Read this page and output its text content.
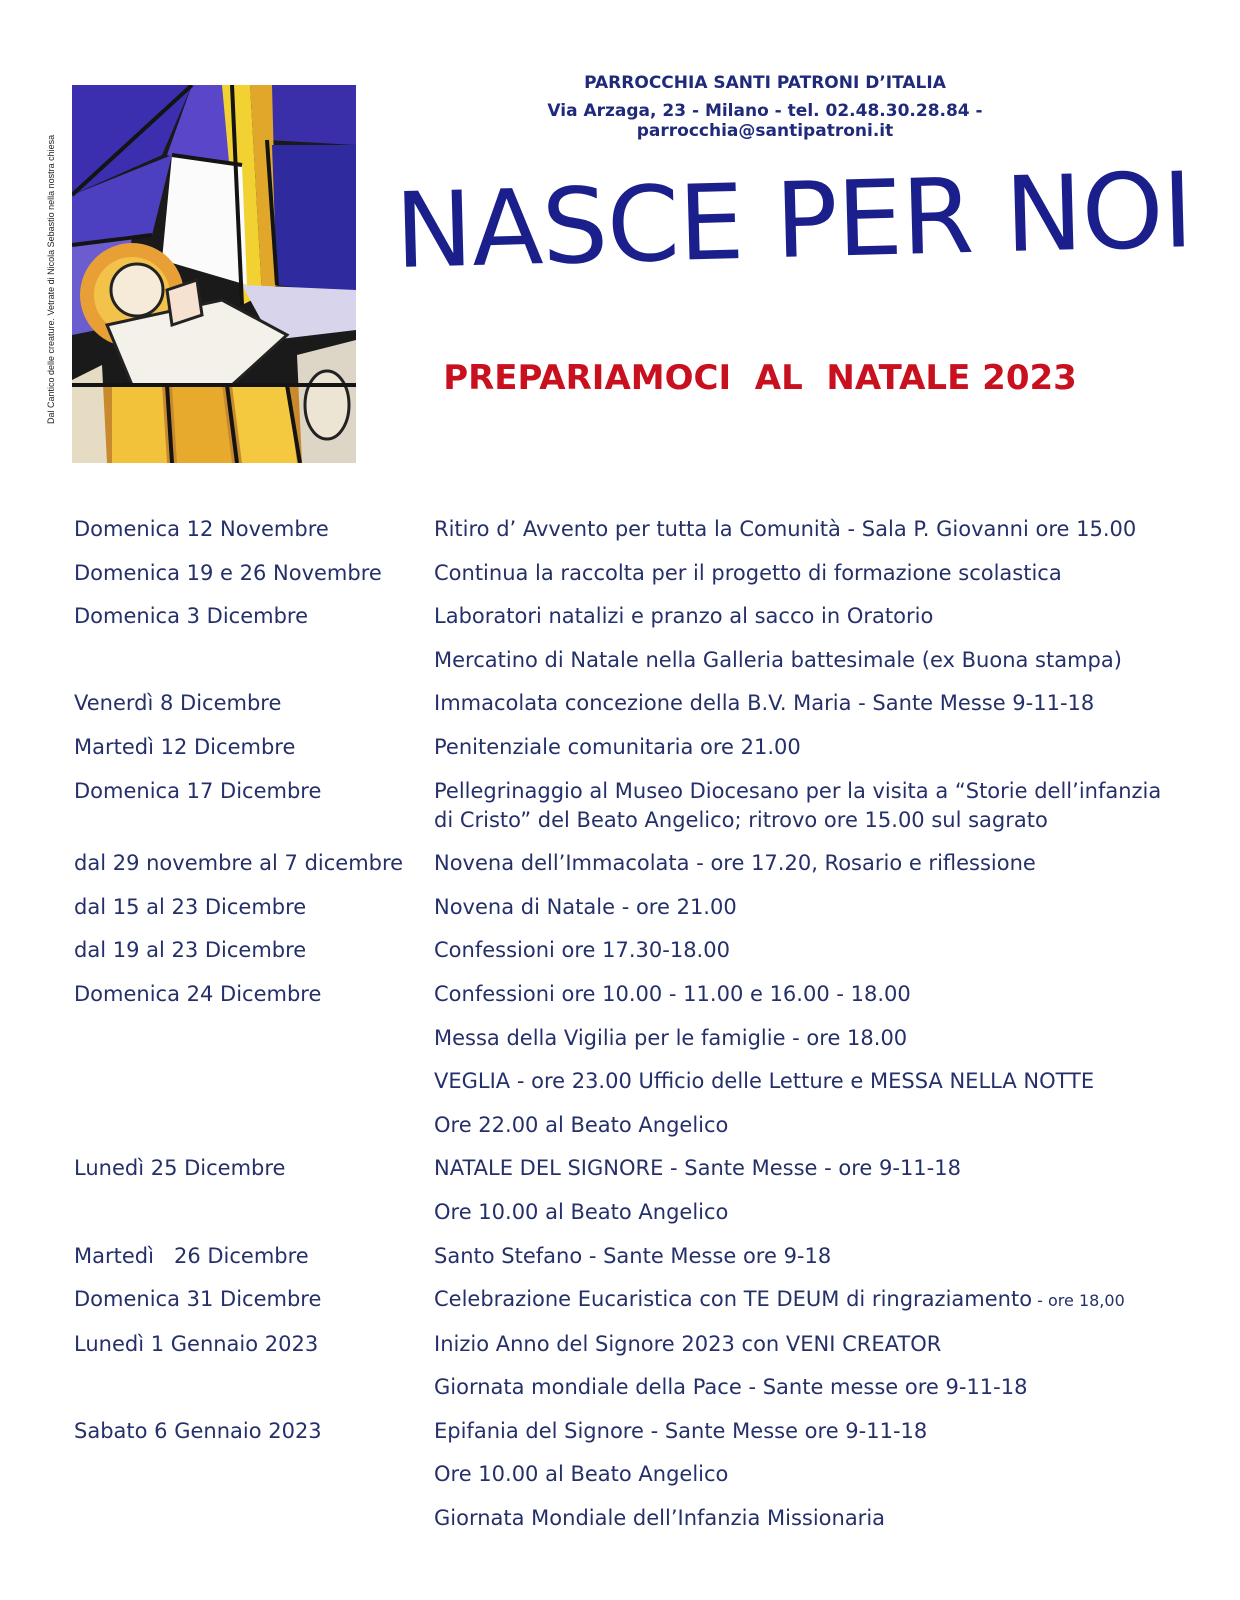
Dal Cantico delle creature. Vetrate di Nicola Sebastio nella nostra chiesa
PARROCCHIA SANTI PATRONI D’ITALIA
Via Arzaga, 23 - Milano - tel. 02.48.30.28.84 - parrocchia@santipatroni.it
NASCE PER NOI
PREPARIAMOCI  AL  NATALE 2023
Domenica 12 Novembre	Ritiro d’ Avvento per tutta la Comunità - Sala P. Giovanni ore 15.00
Domenica 19 e 26 Novembre	Continua la raccolta per il progetto di formazione scolastica
Domenica 3 Dicembre	Laboratori natalizi e pranzo al sacco in Oratorio
Mercatino di Natale nella Galleria battesimale (ex Buona stampa)
Venerdì 8 Dicembre	Immacolata concezione della B.V. Maria - Sante Messe 9-11-18
Martedì 12 Dicembre	Penitenziale comunitaria ore 21.00
Domenica 17 Dicembre	Pellegrinaggio al Museo Diocesano per la visita a “Storie dell’infanzia
di Cristo” del Beato Angelico; ritrovo ore 15.00 sul sagrato
dal 29 novembre al 7 dicembre	Novena dell’Immacolata - ore 17.20, Rosario e riflessione
dal 15 al 23 Dicembre	Novena di Natale - ore 21.00
dal 19 al 23 Dicembre	Confessioni ore 17.30-18.00
Domenica 24 Dicembre	Confessioni ore 10.00 - 11.00 e 16.00 - 18.00
Messa della Vigilia per le famiglie - ore 18.00
VEGLIA - ore 23.00 Ufficio delle Letture e MESSA NELLA NOTTE
Ore 22.00 al Beato Angelico
Lunedì 25 Dicembre	NATALE DEL SIGNORE - Sante Messe - ore 9-11-18
Ore 10.00 al Beato Angelico
Martedì   26 Dicembre	Santo Stefano - Sante Messe ore 9-18
Domenica 31 Dicembre	Celebrazione Eucaristica con TE DEUM di ringraziamento - ore 18,00
Lunedì 1 Gennaio 2023	Inizio Anno del Signore 2023 con VENI CREATOR
Giornata mondiale della Pace - Sante messe ore 9-11-18
Sabato 6 Gennaio 2023	Epifania del Signore - Sante Messe ore 9-11-18
Ore 10.00 al Beato Angelico
Giornata Mondiale dell’Infanzia Missionaria
